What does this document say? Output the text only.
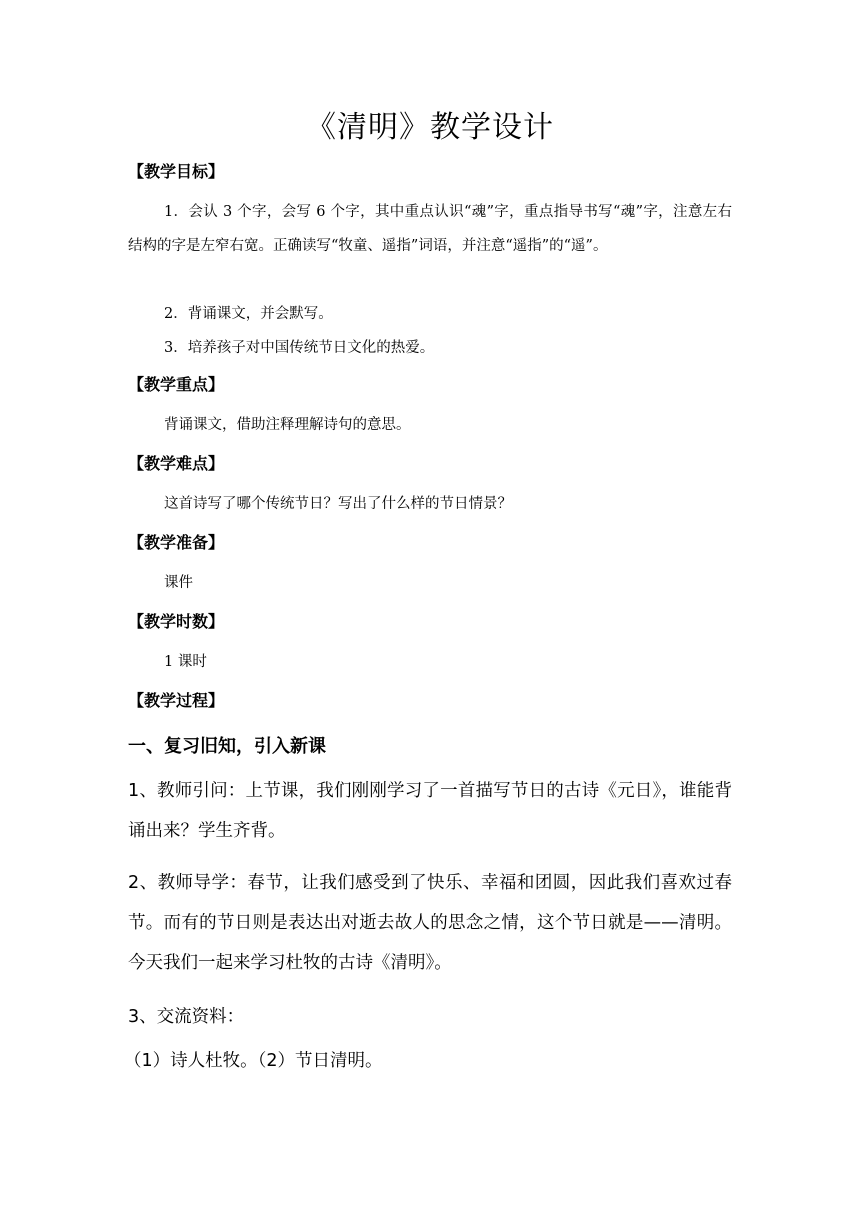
《清明》教学设计
【教学目标】
1．会认 3 个字，会写 6 个字，其中重点认识“魂”字，重点指导书写“魂”字，注意左右结构的字是左窄右宽。正确读写“牧童、遥指”词语，并注意“遥指”的“遥”。
2．背诵课文，并会默写。
3．培养孩子对中国传统节日文化的热爱。
【教学重点】
背诵课文，借助注释理解诗句的意思。
【教学难点】
这首诗写了哪个传统节日？写出了什么样的节日情景？
【教学准备】
课件
【教学时数】
1 课时
【教学过程】
一、复习旧知，引入新课
1、教师引问：上节课，我们刚刚学习了一首描写节日的古诗《元日》，谁能背诵出来？学生齐背。
2、教师导学：春节，让我们感受到了快乐、幸福和团圆，因此我们喜欢过春节。而有的节日则是表达出对逝去故人的思念之情，这个节日就是——清明。今天我们一起来学习杜牧的古诗《清明》。
3、交流资料：
（1）诗人杜牧。（2）节日清明。
